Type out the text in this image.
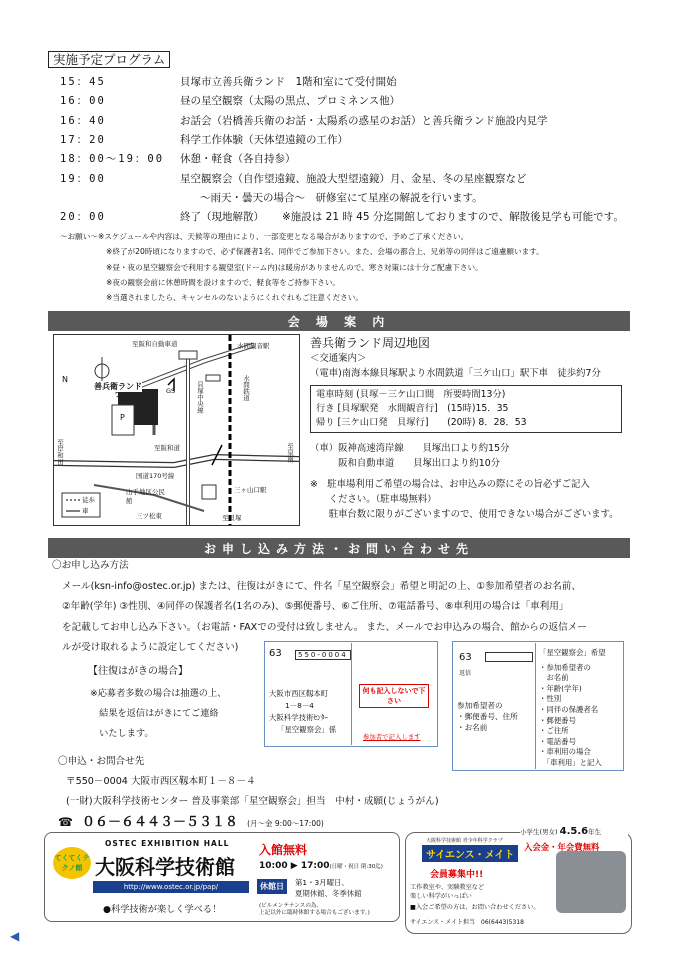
実施予定プログラム
15：45	貝塚市立善兵衛ランド　1階和室にて受付開始
16：00	昼の星空観察（太陽の黒点、プロミネンス他）
16：40	お話会（岩橋善兵衛のお話・太陽系の惑星のお話）と善兵衛ランド施設内見学
17：20	科学工作体験（天体望遠鏡の工作）
18：00～19：00	休憩・軽食（各自持参）
19：00	星空観察会（自作望遠鏡、施設大型望遠鏡）月、金星、冬の星座観察など
～雨天・曇天の場合～　研修室にて星座の解説を行います。
20：00	終了（現地解散） ※施設は 21 時 45 分迄開館しておりますので、解散後見学も可能です。
～お願い～※スケジュールや内容は、天候等の理由により、一部変更となる場合がありますので、予めご了承ください。
※終了が20時頃になりますので、必ず保護者1名、同伴でご参加下さい。また、会場の都合上、兄弟等の同伴はご遠慮願います。
※昼・夜の星空観察会で利用する観望室(ドーム内)は暖房がありませんので、寒さ対策には十分ご配慮下さい。
※夜の観察会前に休憩時間を設けますので、軽食等をご持参下さい。
※当選されましたら、キャンセルのないようにくれぐれもご注意ください。
会 場 案 内
至阪和自動車道	水間観音駅
善兵衛ランド	GS
P
貝塚中央線	水間鉄道
至阪和道
国道170号線
至泉南
至岸和田
山手地区公民館
三ヶ山口駅
三ツ松東	至貝塚
徒歩
車
N
善兵衛ランド周辺地図
＜交通案内＞
（電車)南海本線貝塚駅より水間鉄道「三ケ山口」駅下車　徒歩約7分
電車時刻 (貝塚－三ケ山口間　所要時間13分)
行き [貝塚駅発　水間観音行]　(15時)15．35
帰り [三ケ山口発　貝塚行]　　(20時) 8．28．53
（車）阪神高速湾岸線　　貝塚出口より約15分
　　　阪和自動車道　　貝塚出口より約10分
※　駐車場利用ご希望の場合は、お申込みの際にその旨必ずご記入
　　ください。（駐車場無料）
　　駐車台数に限りがございますので、使用できない場合がございます。
お申し込み方法・お問い合わせ先
〇お申し込み方法
メール(ksn-info@ostec.or.jp) または、往復はがきにて、件名「星空観察会」希望と明記の上、①参加希望者のお名前、
②年齢(学年) ③性別、④同伴の保護者名(1名のみ)、⑤郵便番号、⑥ご住所、⑦電話番号、⑧車利用の場合は「車利用」
を記載してお申し込み下さい。（お電話・FAXでの受付は致しません。 また、メールでお申込みの場合、館からの返信メー
ルが受け取れるように設定してください)
【往復はがきの場合】
※応募者多数の場合は抽選の上、
　結果を返信はがきにてご連絡
　いたします。
63	550-0004
大阪市西区靱本町
1－8－4
大阪科学技術ｾﾝﾀｰ
「星空観察会」係
何も記入しないで下さい
参加者で記入します
63
返信
参加希望者の
・郵便番号、住所
・お名前
「星空観察会」希望
・参加希望者の
　お名前
・年齢(学年)
・性別
・同伴の保護者名
・郵便番号
・ご住所
・電話番号
・車利用の場合
　「車利用」と記入
〇申込・お問合せ先
〒550－0004 大阪市西区靱本町１－８－４
(一財)大阪科学技術センター 普及事業部「星空観察会」担当　中村・成願(じょうがん)
☎ ０６－６４４３－５３１８ (月～金 9:00～17:00)
てくてくテクノ館
OSTEC EXHIBITION HALL
大阪科学技術館
http://www.ostec.or.jp/pap/
●科学技術が楽しく学べる！
入館無料
10:00 ▶ 17:00(日曜・祝日 閉:30迄)
休館日	第1・3月曜日、
夏期休館、冬季休館
(ビルメンテナンスの為、
上記以外に臨時休館する場合もございます。)
大阪科学技術館 青少年科学クラブ
サイエンス・メイト
会員募集中!!
工作教室や、実験教室など
楽しい科学がいっぱい
■入会ご希望の方は、お問い合わせください。
サイエンス・メイト担当　06(6443)5318
小学生(男女) 4.5.6年生
入会金・年会費無料
◀
